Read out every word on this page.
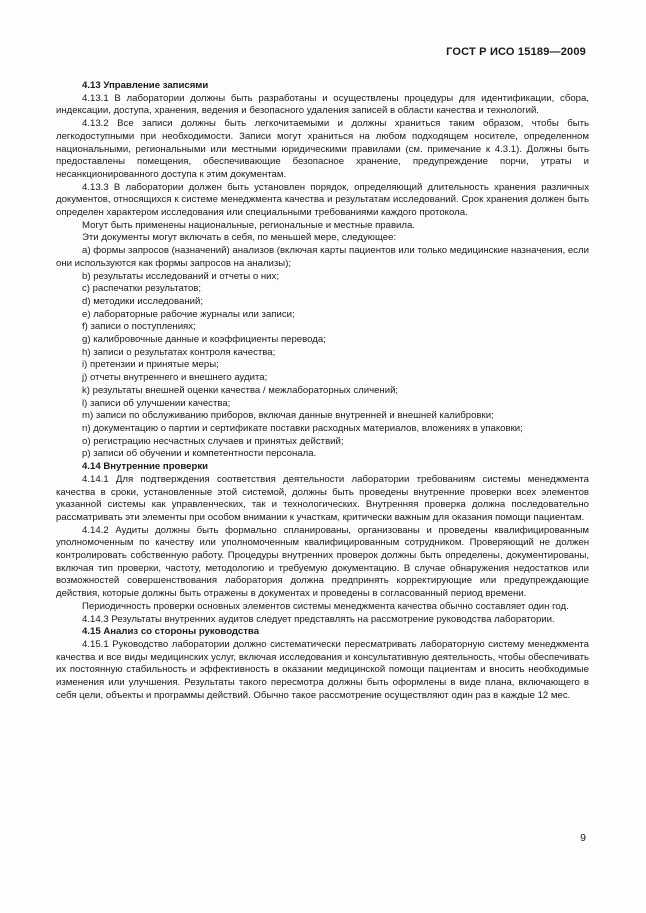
ГОСТ Р ИСО 15189—2009

4.13 Управление записями

4.13.1 В лаборатории должны быть разработаны и осуществлены процедуры для идентификации, сбора, индексации, доступа, хранения, ведения и безопасного удаления записей в области качества и технологий.

4.13.2 Все записи должны быть легкочитаемыми и должны храниться таким образом, чтобы быть легкодоступными при необходимости. Записи могут храниться на любом подходящем носителе, определенном национальными, региональными или местными юридическими правилами (см. примечание к 4.3.1). Должны быть предоставлены помещения, обеспечивающие безопасное хранение, предупреждение порчи, утраты и несанкционированного доступа к этим документам.

4.13.3 В лаборатории должен быть установлен порядок, определяющий длительность хранения различных документов, относящихся к системе менеджмента качества и результатам исследований. Срок хранения должен быть определен характером исследования или специальными требованиями каждого протокола.

Могут быть применены национальные, региональные и местные правила.

Эти документы могут включать в себя, по меньшей мере, следующее:

a) формы запросов (назначений) анализов (включая карты пациентов или только медицинские назначения, если они используются как формы запросов на анализы);

b) результаты исследований и отчеты о них;

c) распечатки результатов;

d) методики исследований;

e) лабораторные рабочие журналы или записи;

f) записи о поступлениях;

g) калибровочные данные и коэффициенты перевода;

h) записи о результатах контроля качества;

i) претензии и принятые меры;

j) отчеты внутреннего и внешнего аудита;

k) результаты внешней оценки качества / межлабораторных сличений;

l) записи об улучшении качества;

m) записи по обслуживанию приборов, включая данные внутренней и внешней калибровки;

n) документацию о партии и сертификате поставки расходных материалов, вложениях в упаковки;

o) регистрацию несчастных случаев и принятых действий;

p) записи об обучении и компетентности персонала.

4.14 Внутренние проверки

4.14.1 Для подтверждения соответствия деятельности лаборатории требованиям системы менеджмента качества в сроки, установленные этой системой, должны быть проведены внутренние проверки всех элементов указанной системы как управленческих, так и технологических. Внутренняя проверка должна последовательно рассматривать эти элементы при особом внимании к участкам, критически важным для оказания помощи пациентам.

4.14.2 Аудиты должны быть формально спланированы, организованы и проведены квалифицированным уполномоченным по качеству или уполномоченным квалифицированным сотрудником. Проверяющий не должен контролировать собственную работу. Процедуры внутренних проверок должны быть определены, документированы, включая тип проверки, частоту, методологию и требуемую документацию. В случае обнаружения недостатков или возможностей совершенствования лаборатория должна предпринять корректирующие или предупреждающие действия, которые должны быть отражены в документах и проведены в согласованный период времени.

Периодичность проверки основных элементов системы менеджмента качества обычно составляет один год.

4.14.3 Результаты внутренних аудитов следует представлять на рассмотрение руководства лаборатории.

4.15 Анализ со стороны руководства

4.15.1 Руководство лаборатории должно систематически пересматривать лабораторную систему менеджмента качества и все виды медицинских услуг, включая исследования и консультативную деятельность, чтобы обеспечивать их постоянную стабильность и эффективность в оказании медицинской помощи пациентам и вносить необходимые изменения или улучшения. Результаты такого пересмотра должны быть оформлены в виде плана, включающего в себя цели, объекты и программы действий. Обычно такое рассмотрение осуществляют один раз в каждые 12 мес.

9
